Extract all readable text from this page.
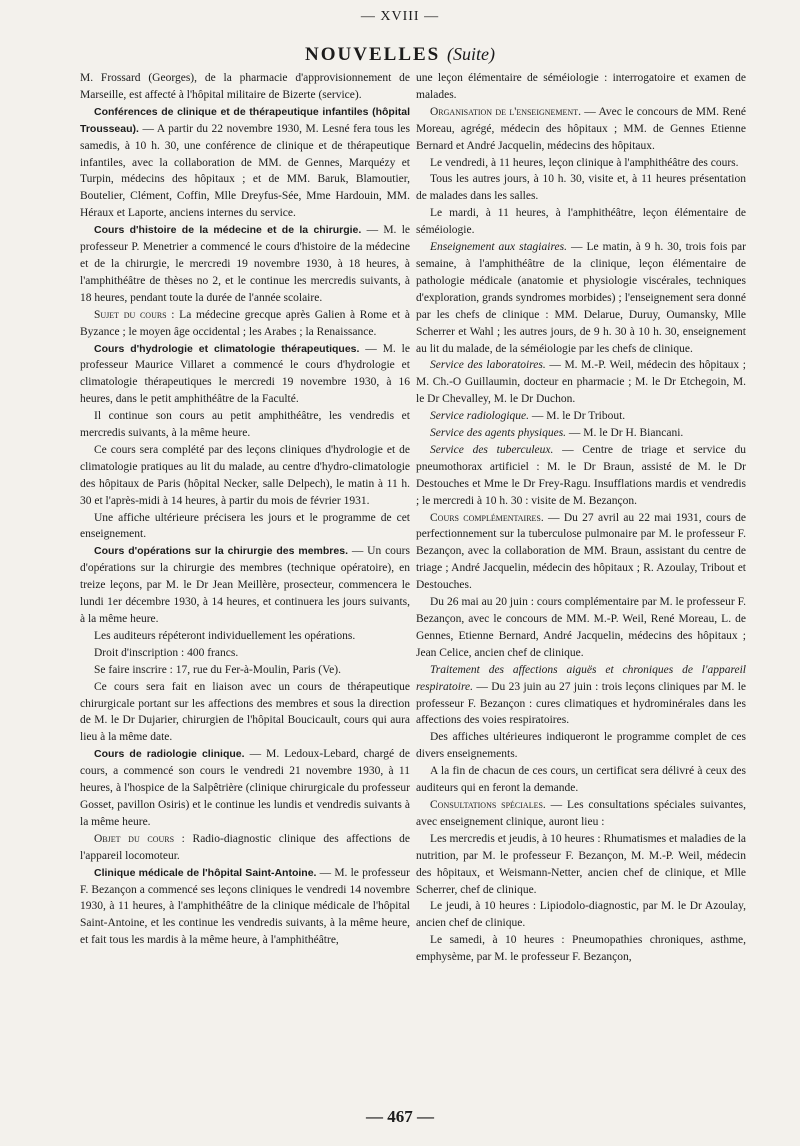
— XVIII —
NOUVELLES (Suite)

M. Frossard (Georges), de la pharmacie d'approvisionnement de Marseille, est affecté à l'hôpital militaire de Bizerte (service).

Conférences de clinique et de thérapeutique infantiles (hôpital Trousseau). — A partir du 22 novembre 1930, M. Lesné fera tous les samedis, à 10 h. 30, une conférence de clinique et de thérapeutique infantiles, avec la collaboration de MM. de Gennes, Marquézy et Turpin, médecins des hôpitaux ; et de MM. Baruk, Blamoutier, Boutelier, Clément, Coffin, Mlle Dreyfus-Sée, Mme Hardouin, MM. Héraux et Laporte, anciens internes du service.

Cours d'histoire de la médecine et de la chirurgie. — M. le professeur P. Menetrier a commencé le cours d'histoire de la médecine et de la chirurgie, le mercredi 19 novembre 1930, à 18 heures, à l'amphithéâtre de thèses no 2, et le continue les mercredis suivants, à 18 heures, pendant toute la durée de l'année scolaire.

Sujet du cours : La médecine grecque après Galien à Rome et à Byzance ; le moyen âge occidental ; les Arabes ; la Renaissance.

Cours d'hydrologie et climatologie thérapeutiques. — M. le professeur Maurice Villaret a commencé le cours d'hydrologie et climatologie thérapeutiques le mercredi 19 novembre 1930, à 16 heures, dans le petit amphithéâtre de la Faculté.

Il continue son cours au petit amphithéâtre, les vendredis et mercredis suivants, à la même heure.

Ce cours sera complété par des leçons cliniques d'hydrologie et de climatologie pratiques au lit du malade, au centre d'hydro-climatologie des hôpitaux de Paris (hôpital Necker, salle Delpech), le matin à 11 h. 30 et l'après-midi à 14 heures, à partir du mois de février 1931.

Une affiche ultérieure précisera les jours et le programme de cet enseignement.

Cours d'opérations sur la chirurgie des membres. — Un cours d'opérations sur la chirurgie des membres (technique opératoire), en treize leçons, par M. le Dr Jean Meillère, prosecteur, commencera le lundi 1er décembre 1930, à 14 heures, et continuera les jours suivants, à la même heure.

Les auditeurs répéteront individuellement les opérations.

Droit d'inscription : 400 francs.

Se faire inscrire : 17, rue du Fer-à-Moulin, Paris (Ve).

Ce cours sera fait en liaison avec un cours de thérapeutique chirurgicale portant sur les affections des membres et sous la direction de M. le Dr Dujarier, chirurgien de l'hôpital Boucicault, cours qui aura lieu à la même date.

Cours de radiologie clinique. — M. Ledoux-Lebard, chargé de cours, a commencé son cours le vendredi 21 novembre 1930, à 11 heures, à l'hospice de la Salpêtrière (clinique chirurgicale du professeur Gosset, pavillon Osiris) et le continue les lundis et vendredis suivants à la même heure.

Objet du cours : Radio-diagnostic clinique des affections de l'appareil locomoteur.

Clinique médicale de l'hôpital Saint-Antoine. — M. le professeur F. Bezançon a commencé ses leçons cliniques le vendredi 14 novembre 1930, à 11 heures, à l'amphithéâtre de la clinique médicale de l'hôpital Saint-Antoine, et les continue les vendredis suivants, à la même heure, et fait tous les mardis à la même heure, à l'amphithéâtre,

une leçon élémentaire de séméiologie : interrogatoire et examen de malades.

Organisation de l'enseignement. — Avec le concours de MM. René Moreau, agrégé, médecin des hôpitaux ; MM. de Gennes Etienne Bernard et André Jacquelin, médecins des hôpitaux.

Le vendredi, à 11 heures, leçon clinique à l'amphithéâtre des cours.

Tous les autres jours, à 10 h. 30, visite et, à 11 heures présentation de malades dans les salles.

Le mardi, à 11 heures, à l'amphithéâtre, leçon élémentaire de séméiologie.

Enseignement aux stagiaires. — Le matin, à 9 h. 30, trois fois par semaine, à l'amphithéâtre de la clinique, leçon élémentaire de pathologie médicale (anatomie et physiologie viscérales, techniques d'exploration, grands syndromes morbides) ; l'enseignement sera donné par les chefs de clinique : MM. Delarue, Duruy, Oumansky, Mlle Scherrer et Wahl ; les autres jours, de 9 h. 30 à 10 h. 30, enseignement au lit du malade, de la séméiologie par les chefs de clinique.

Service des laboratoires. — M. M.-P. Weil, médecin des hôpitaux ; M. Ch.-O Guillaumin, docteur en pharmacie ; M. le Dr Etchegoin, M. le Dr Chevalley, M. le Dr Duchon.

Service radiologique. — M. le Dr Tribout.

Service des agents physiques. — M. le Dr H. Biancani.

Service des tuberculeux. — Centre de triage et service du pneumothorax artificiel : M. le Dr Braun, assisté de M. le Dr Destouches et Mme le Dr Frey-Ragu. Insufflations mardis et vendredis ; le mercredi à 10 h. 30 : visite de M. Bezançon.

Cours complémentaires. — Du 27 avril au 22 mai 1931, cours de perfectionnement sur la tuberculose pulmonaire par M. le professeur F. Bezançon, avec la collaboration de MM. Braun, assistant du centre de triage ; André Jacquelin, médecin des hôpitaux ; R. Azoulay, Tribout et Destouches.

Du 26 mai au 20 juin : cours complémentaire par M. le professeur F. Bezançon, avec le concours de MM. M.-P. Weil, René Moreau, L. de Gennes, Etienne Bernard, André Jacquelin, médecins des hôpitaux ; Jean Celice, ancien chef de clinique.

Traitement des affections aiguës et chroniques de l'appareil respiratoire. — Du 23 juin au 27 juin : trois leçons cliniques par M. le professeur F. Bezançon : cures climatiques et hydrominérales dans les affections des voies respiratoires.

Des affiches ultérieures indiqueront le programme complet de ces divers enseignements.

A la fin de chacun de ces cours, un certificat sera délivré à ceux des auditeurs qui en feront la demande.

Consultations spéciales. — Les consultations spéciales suivantes, avec enseignement clinique, auront lieu :

Les mercredis et jeudis, à 10 heures : Rhumatismes et maladies de la nutrition, par M. le professeur F. Bezançon, M. M.-P. Weil, médecin des hôpitaux, et Weismann-Netter, ancien chef de clinique, et Mlle Scherrer, chef de clinique.

Le jeudi, à 10 heures : Lipiodolo-diagnostic, par M. le Dr Azoulay, ancien chef de clinique.

Le samedi, à 10 heures : Pneumopathies chroniques, asthme, emphysème, par M. le professeur F. Bezançon,

— 467 —
